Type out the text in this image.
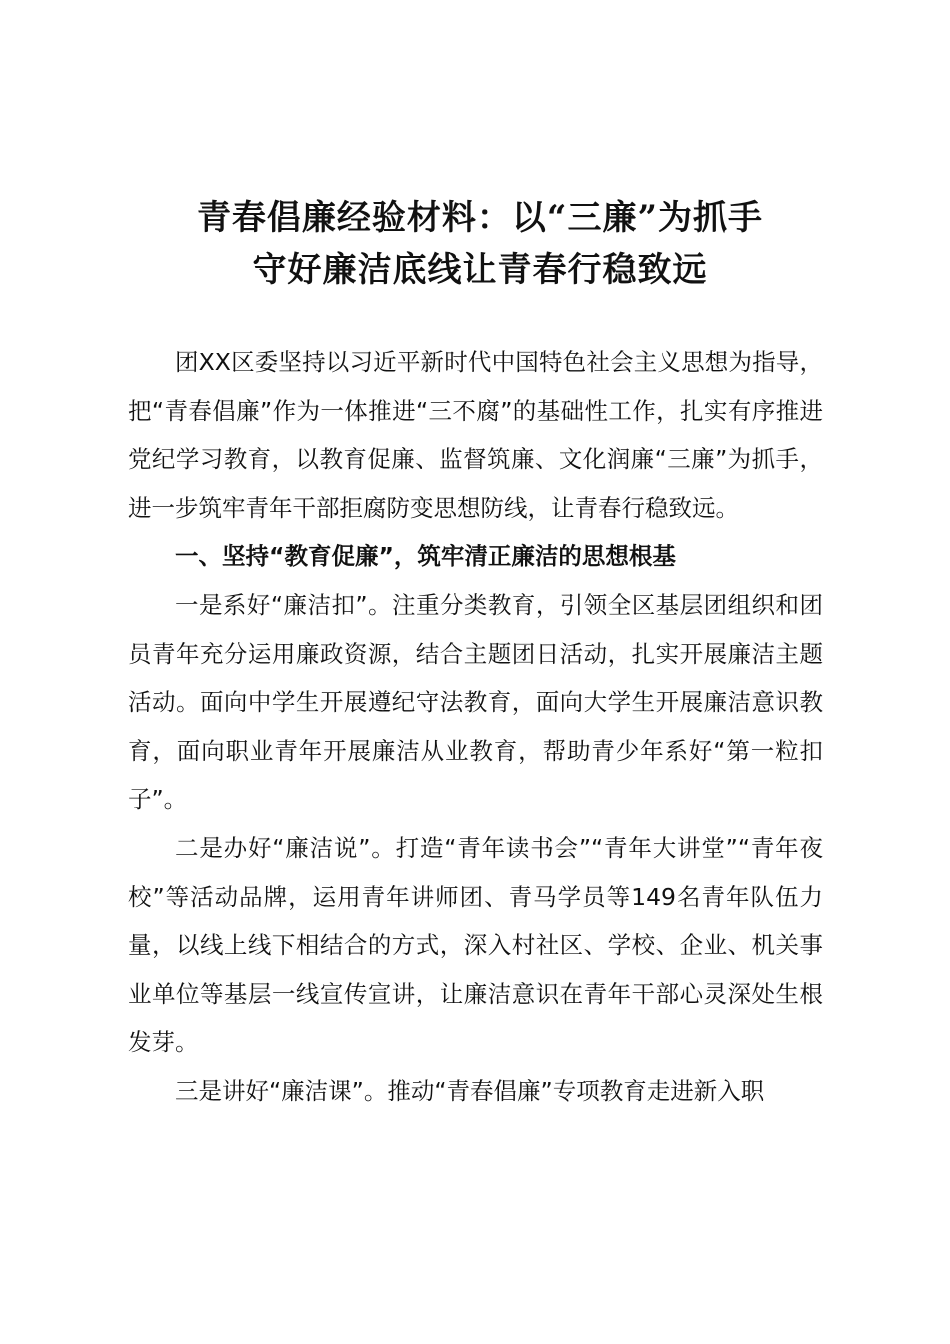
青春倡廉经验材料：以“三廉”为抓手
守好廉洁底线让青春行稳致远

团XX区委坚持以习近平新时代中国特色社会主义思想为指导，把“青春倡廉”作为一体推进“三不腐”的基础性工作，扎实有序推进党纪学习教育，以教育促廉、监督筑廉、文化润廉“三廉”为抓手，进一步筑牢青年干部拒腐防变思想防线，让青春行稳致远。

一、坚持“教育促廉”，筑牢清正廉洁的思想根基

一是系好“廉洁扣”。注重分类教育，引领全区基层团组织和团员青年充分运用廉政资源，结合主题团日活动，扎实开展廉洁主题活动。面向中学生开展遵纪守法教育，面向大学生开展廉洁意识教育，面向职业青年开展廉洁从业教育，帮助青少年系好“第一粒扣子”。

二是办好“廉洁说”。打造“青年读书会”“青年大讲堂”“青年夜校”等活动品牌，运用青年讲师团、青马学员等149名青年队伍力量，以线上线下相结合的方式，深入村社区、学校、企业、机关事业单位等基层一线宣传宣讲，让廉洁意识在青年干部心灵深处生根发芽。

三是讲好“廉洁课”。推动“青春倡廉”专项教育走进新入职
